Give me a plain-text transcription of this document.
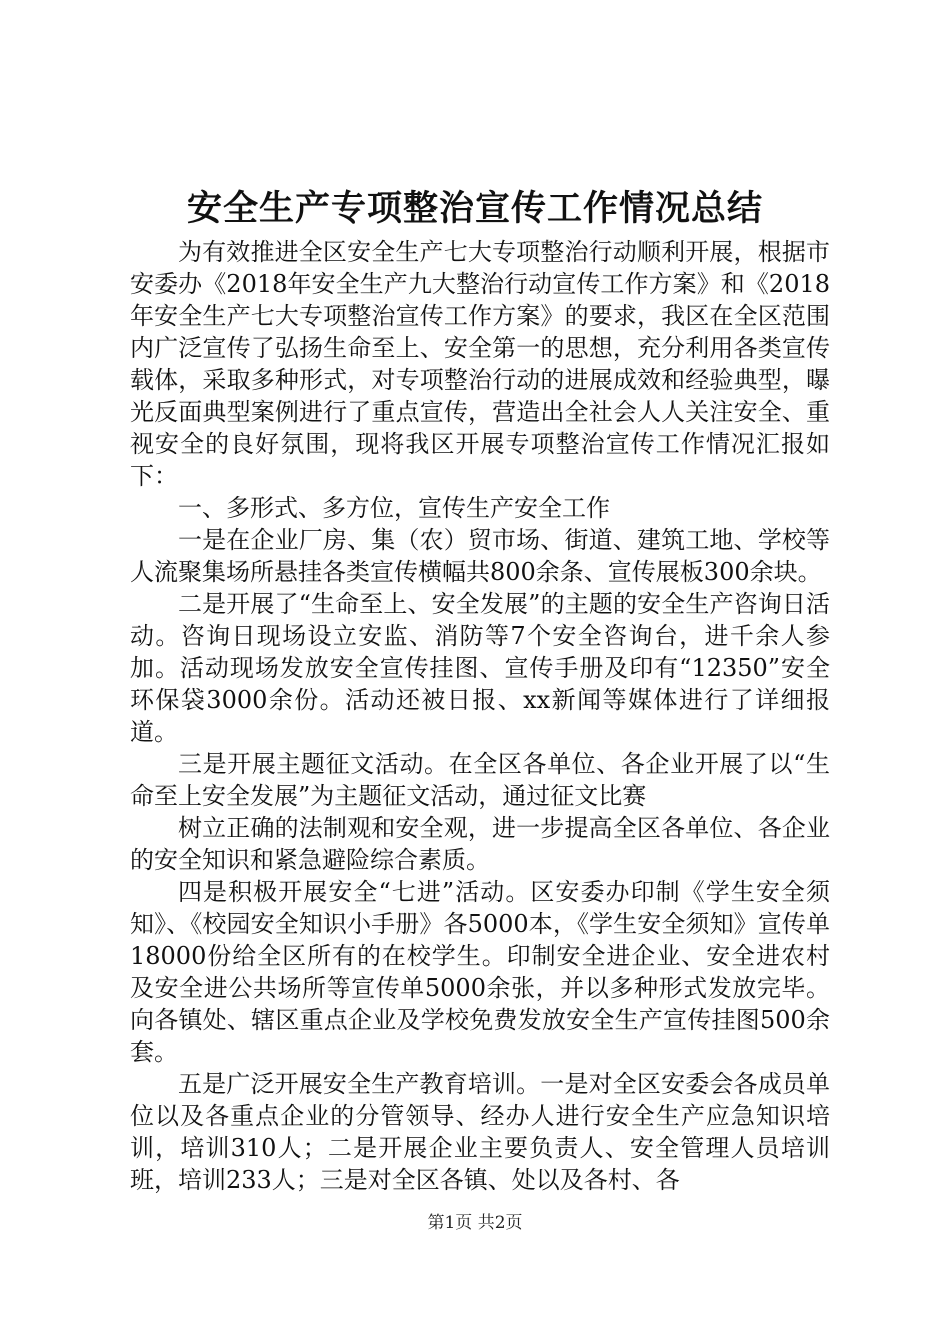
安全生产专项整治宣传工作情况总结

为有效推进全区安全生产七大专项整治行动顺利开展，根据市安委办《2018年安全生产九大整治行动宣传工作方案》和《2018年安全生产七大专项整治宣传工作方案》的要求，我区在全区范围内广泛宣传了弘扬生命至上、安全第一的思想，充分利用各类宣传载体，采取多种形式，对专项整治行动的进展成效和经验典型，曝光反面典型案例进行了重点宣传，营造出全社会人人关注安全、重视安全的良好氛围，现将我区开展专项整治宣传工作情况汇报如下：

一、多形式、多方位，宣传生产安全工作

一是在企业厂房、集（农）贸市场、街道、建筑工地、学校等人流聚集场所悬挂各类宣传横幅共800余条、宣传展板300余块。

二是开展了“生命至上、安全发展”的主题的安全生产咨询日活动。咨询日现场设立安监、消防等7个安全咨询台，进千余人参加。活动现场发放安全宣传挂图、宣传手册及印有“12350”安全环保袋3000余份。活动还被日报、xx新闻等媒体进行了详细报道。

三是开展主题征文活动。在全区各单位、各企业开展了以“生命至上安全发展”为主题征文活动，通过征文比赛

树立正确的法制观和安全观，进一步提高全区各单位、各企业的安全知识和紧急避险综合素质。

四是积极开展安全“七进”活动。区安委办印制《学生安全须知》、《校园安全知识小手册》各5000本，《学生安全须知》宣传单18000份给全区所有的在校学生。印制安全进企业、安全进农村及安全进公共场所等宣传单5000余张，并以多种形式发放完毕。向各镇处、辖区重点企业及学校免费发放安全生产宣传挂图500余套。

五是广泛开展安全生产教育培训。一是对全区安委会各成员单位以及各重点企业的分管领导、经办人进行安全生产应急知识培训，培训310人；二是开展企业主要负责人、安全管理人员培训班，培训233人；三是对全区各镇、处以及各村、各

第1页 共2页
